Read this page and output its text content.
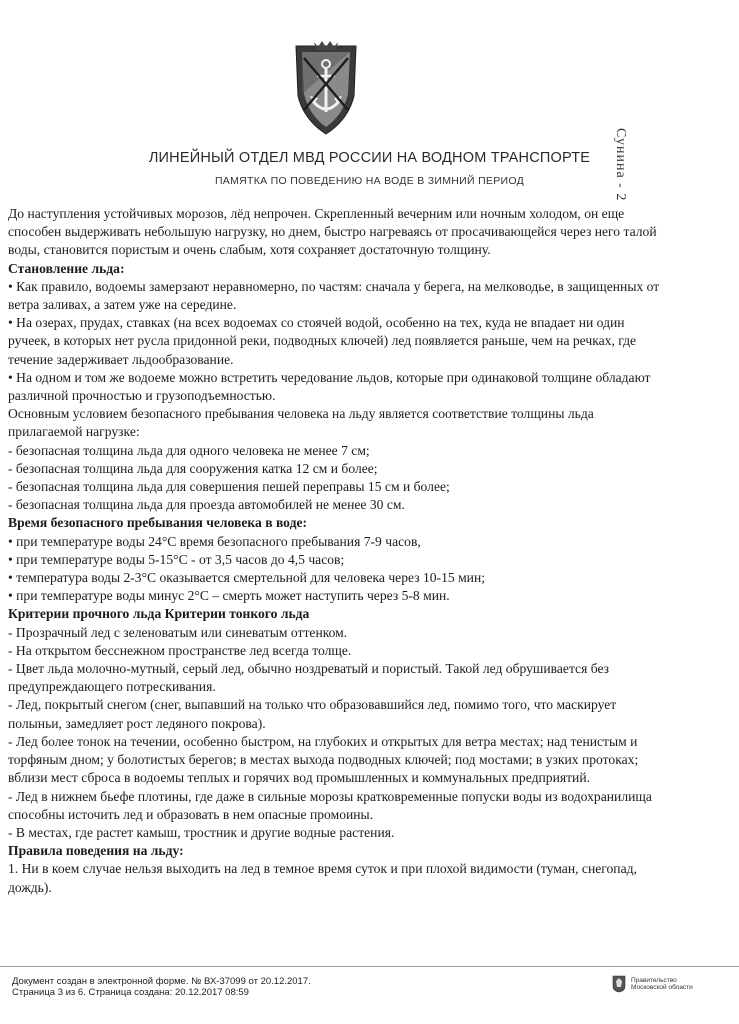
Сунина - 2
ЛИНЕЙНЫЙ ОТДЕЛ МВД РОССИИ НА ВОДНОМ ТРАНСПОРТЕ
ПАМЯТКА ПО ПОВЕДЕНИЮ НА ВОДЕ В ЗИМНИЙ ПЕРИОД

До наступления устойчивых морозов, лёд непрочен. Скрепленный вечерним или ночным холодом, он еще способен выдерживать небольшую нагрузку, но днем, быстро нагреваясь от просачивающейся через него талой воды, становится пористым и очень слабым, хотя сохраняет достаточную толщину.

Становление льда:

• Как правило, водоемы замерзают неравномерно, по частям: сначала у берега, на мелководье, в защищенных от ветра заливах, а затем уже на середине.

• На озерах, прудах, ставках (на всех водоемах со стоячей водой, особенно на тех, куда не впадает ни один ручеек, в которых нет русла придонной реки, подводных ключей) лед появляется раньше, чем на речках, где течение задерживает льдообразование.

• На одном и том же водоеме можно встретить чередование льдов, которые при одинаковой толщине обладают различной прочностью и грузоподъемностью.

Основным условием безопасного пребывания человека на льду является соответствие толщины льда прилагаемой нагрузке:

- безопасная толщина льда для одного человека не менее 7 см;

- безопасная толщина льда для сооружения катка 12 см и более;

- безопасная толщина льда для совершения пешей переправы 15 см и более;

- безопасная толщина льда для проезда автомобилей не менее 30 см.

Время безопасного пребывания человека в воде:

• при температуре воды 24°С время безопасного пребывания 7-9 часов,

• при температуре воды 5-15°С - от 3,5 часов до 4,5 часов;

• температура воды 2-3°С оказывается смертельной для человека через 10-15 мин;

• при температуре воды минус 2°С – смерть может наступить через 5-8 мин.

Критерии прочного льда Критерии тонкого льда

- Прозрачный лед с зеленоватым или синеватым оттенком.

- На открытом бесснежном пространстве лед всегда толще.

- Цвет льда молочно-мутный, серый лед, обычно ноздреватый и пористый. Такой лед обрушивается без предупреждающего потрескивания.

- Лед, покрытый снегом (снег, выпавший на только что образовавшийся лед, помимо того, что маскирует полыньи, замедляет рост ледяного покрова).

- Лед более тонок на течении, особенно быстром, на глубоких и открытых для ветра местах; над тенистым и торфяным дном; у болотистых берегов; в местах выхода подводных ключей; под мостами; в узких протоках; вблизи мест сброса в водоемы теплых и горячих вод промышленных и коммунальных предприятий.

- Лед в нижнем бьефе плотины, где даже в сильные морозы кратковременные попуски воды из водохранилища способны источить лед и образовать в нем опасные промоины.

- В местах, где растет камыш, тростник и другие водные растения.

Правила поведения на льду:

1. Ни в коем случае нельзя выходить на лед в темное время суток и при плохой видимости (туман, снегопад, дождь).

Документ создан в электронной форме. № ВХ-37099 от 20.12.2017.
Страница 3 из 6. Страница создана: 20.12.2017 08:59
Правительство
Московской области
